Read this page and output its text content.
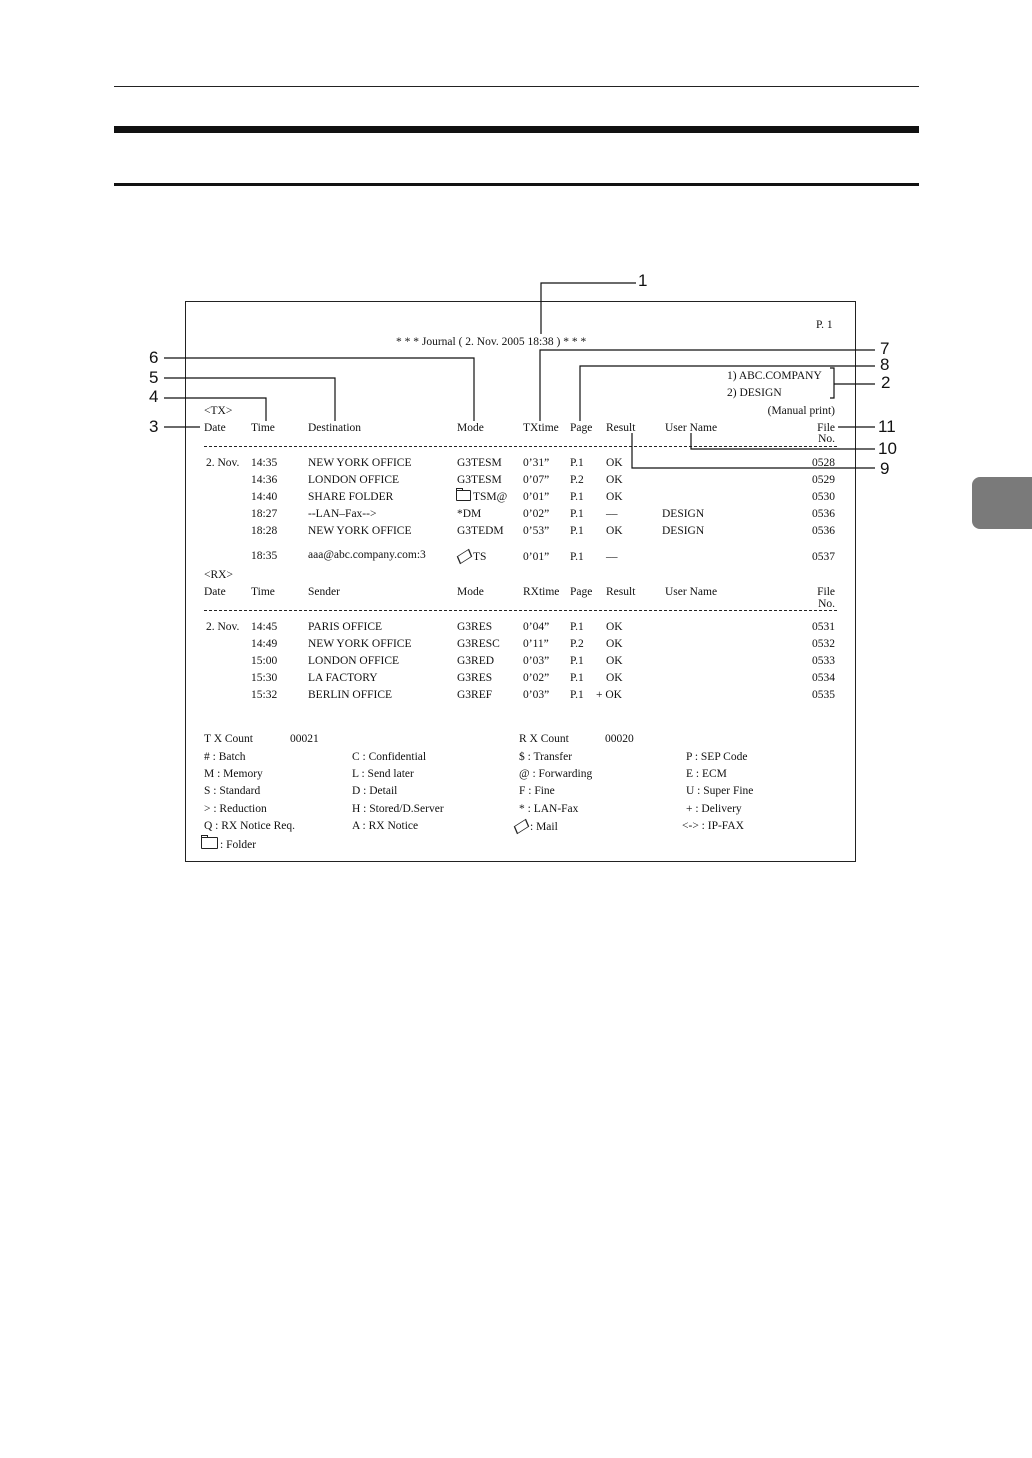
P. 1
* * * Journal ( 2. Nov. 2005 18:38 ) * * *
1) ABC.COMPANY
2) DESIGN
(Manual print)
<TX>
Date Time	Destination	Mode	TXtime Page Result	User Name	File
No.
2. Nov. 14:35	NEW YORK OFFICE	G3TESM 0’31” P.1 OK	0528
14:36	LONDON OFFICE	G3TESM 0’07” P.2 OK	0529
14:40	SHARE FOLDER	TSM@ 0’01” P.1 OK	0530
18:27	--LAN–Fax-->	*DM	0’02” P.1 ––	DESIGN	0536
18:28	NEW YORK OFFICE	G3TEDM 0’53” P.1 OK	DESIGN	0536
18:35	aaa@abc.company.com:3	TS	0’01” P.1 ––	0537
<RX>
Date Time	Sender	Mode	RXtime Page Result	User Name	File
No.
2. Nov. 14:45	PARIS OFFICE	G3RES	0’04” P.1 OK	0531
14:49	NEW YORK OFFICE	G3RESC 0’11” P.2 OK	0532
15:00	LONDON OFFICE	G3RED	0’03” P.1 OK	0533
15:30	LA FACTORY	G3RES	0’02” P.1 OK	0534
15:32	BERLIN OFFICE	G3REF	0’03” P.1 + OK	0535
T X Count	00021	R X Count	00020
# : Batch	C : Confidential	$ : Transfer	P : SEP Code
M : Memory	L : Send later	@ : Forwarding	E : ECM
S : Standard	D : Detail	F : Fine	U : Super Fine
> : Reduction	H : Stored/D.Server	* : LAN-Fax	+ : Delivery
Q : RX Notice Req.	A : RX Notice	: Mail	<-> : IP-FAX
: Folder
1
2
3
4
5
6	7
8
9
10
11
